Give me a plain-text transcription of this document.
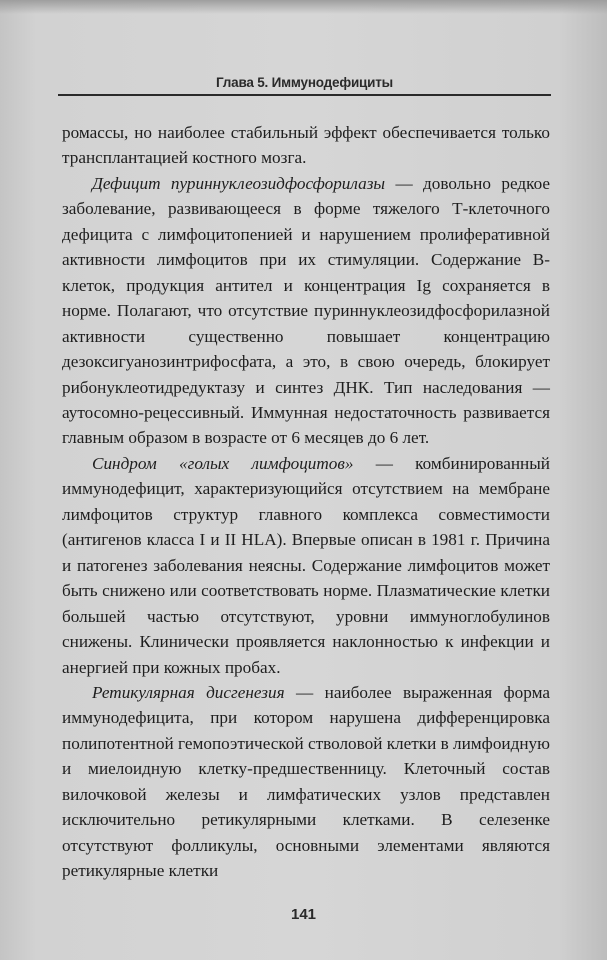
Глава 5. Иммунодефициты

ромассы, но наиболее стабильный эффект обеспечивается только трансплантацией костного мозга.

Дефицит пуриннуклеозидфосфорилазы — довольно редкое заболевание, развивающееся в форме тяжелого Т-клеточного дефицита с лимфоцитопенией и нарушением пролиферативной активности лимфоцитов при их стимуляции. Содержание В-клеток, продукция антител и концентрация Ig сохраняется в норме. Полагают, что отсутствие пуриннуклеозидфосфорилазной активности существенно повышает концентрацию дезоксигуанозинтрифосфата, а это, в свою очередь, блокирует рибонуклеотидредуктазу и синтез ДНК. Тип наследования — аутосомно-рецессивный. Иммунная недостаточность развивается главным образом в возрасте от 6 месяцев до 6 лет.

Синдром «голых лимфоцитов» — комбинированный иммунодефицит, характеризующийся отсутствием на мембране лимфоцитов структур главного комплекса совместимости (антигенов класса I и II HLA). Впервые описан в 1981 г. Причина и патогенез заболевания неясны. Содержание лимфоцитов может быть снижено или соответствовать норме. Плазматические клетки большей частью отсутствуют, уровни иммуноглобулинов снижены. Клинически проявляется наклонностью к инфекции и анергией при кожных пробах.

Ретикулярная дисгенезия — наиболее выраженная форма иммунодефицита, при котором нарушена дифференцировка полипотентной гемопоэтической стволовой клетки в лимфоидную и миелоидную клетку-предшественницу. Клеточный состав вилочковой железы и лимфатических узлов представлен исключительно ретикулярными клетками. В селезенке отсутствуют фолликулы, основными элементами являются ретикулярные клетки

141
